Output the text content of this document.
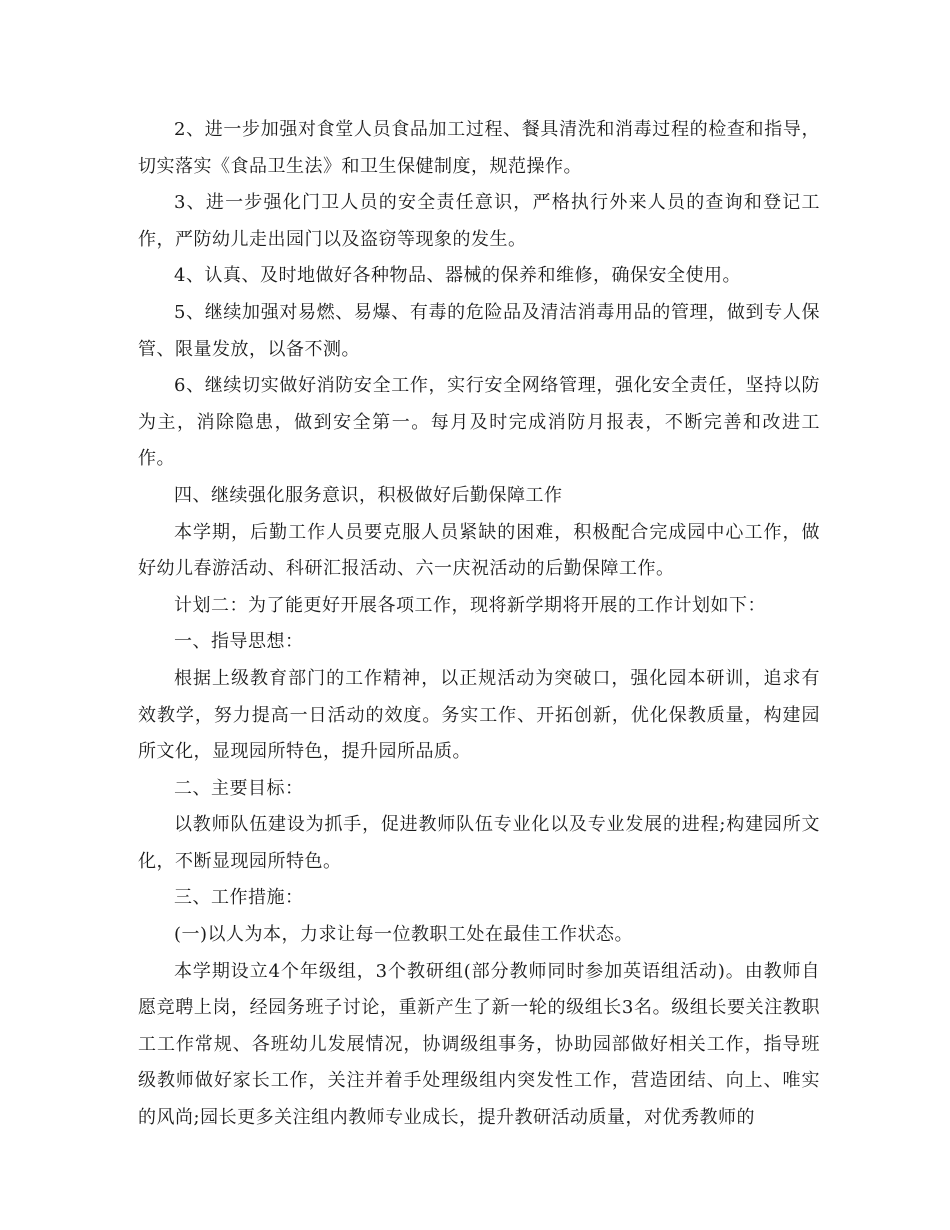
2、进一步加强对食堂人员食品加工过程、餐具清洗和消毒过程的检查和指导，切实落实《食品卫生法》和卫生保健制度，规范操作。

3、进一步强化门卫人员的安全责任意识，严格执行外来人员的查询和登记工作，严防幼儿走出园门以及盗窃等现象的发生。

4、认真、及时地做好各种物品、器械的保养和维修，确保安全使用。

5、继续加强对易燃、易爆、有毒的危险品及清洁消毒用品的管理，做到专人保管、限量发放，以备不测。

6、继续切实做好消防安全工作，实行安全网络管理，强化安全责任，坚持以防为主，消除隐患，做到安全第一。每月及时完成消防月报表，不断完善和改进工作。

四、继续强化服务意识，积极做好后勤保障工作

本学期，后勤工作人员要克服人员紧缺的困难，积极配合完成园中心工作，做好幼儿春游活动、科研汇报活动、六一庆祝活动的后勤保障工作。

计划二：为了能更好开展各项工作，现将新学期将开展的工作计划如下：

一、指导思想：

根据上级教育部门的工作精神，以正规活动为突破口，强化园本研训，追求有效教学，努力提高一日活动的效度。务实工作、开拓创新，优化保教质量，构建园所文化，显现园所特色，提升园所品质。

二、主要目标：

以教师队伍建设为抓手，促进教师队伍专业化以及专业发展的进程;构建园所文化，不断显现园所特色。

三、工作措施：

(一)以人为本，力求让每一位教职工处在最佳工作状态。

本学期设立4个年级组，3个教研组(部分教师同时参加英语组活动)。由教师自愿竞聘上岗，经园务班子讨论，重新产生了新一轮的级组长3名。级组长要关注教职工工作常规、各班幼儿发展情况，协调级组事务，协助园部做好相关工作，指导班级教师做好家长工作，关注并着手处理级组内突发性工作，营造团结、向上、唯实的风尚;园长更多关注组内教师专业成长，提升教研活动质量，对优秀教师的
